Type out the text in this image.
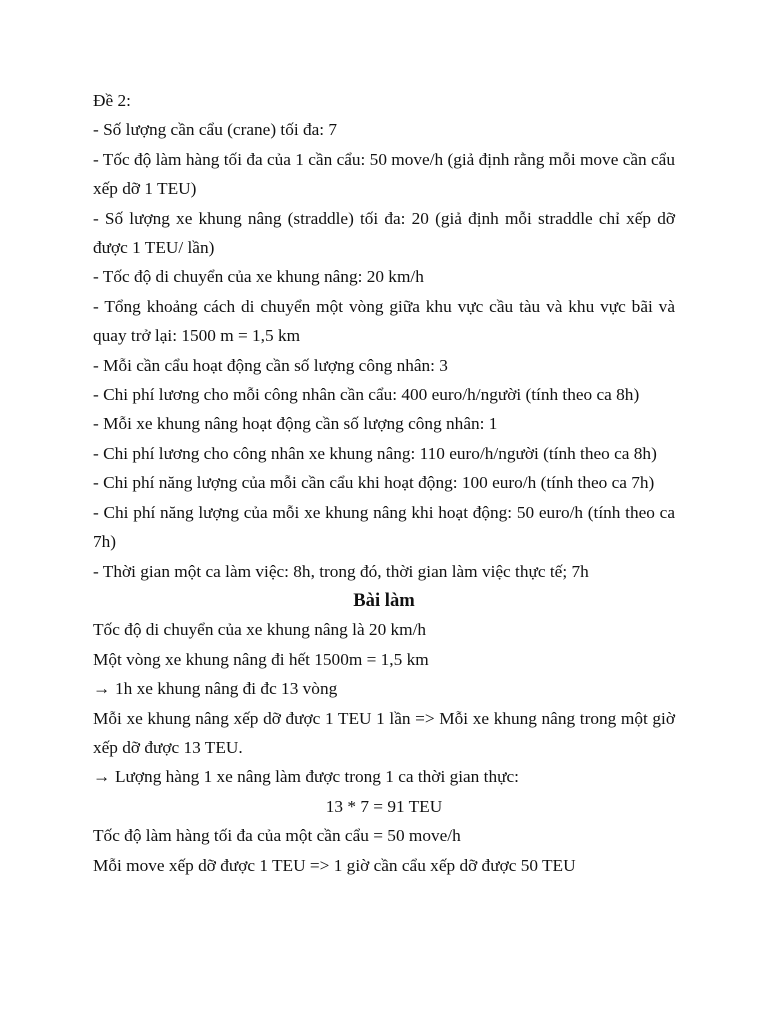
Đề 2:

- Số lượng cần cẩu (crane) tối đa: 7

- Tốc độ làm hàng tối đa của 1 cần cẩu: 50 move/h (giả định rằng mỗi move cần cẩu xếp dỡ 1 TEU)

- Số lượng xe khung nâng (straddle) tối đa: 20 (giả định mỗi straddle chỉ xếp dỡ được 1 TEU/ lần)

- Tốc độ di chuyển của xe khung nâng: 20 km/h

- Tổng khoảng cách di chuyển một vòng giữa khu vực cầu tàu và khu vực bãi và quay trở lại: 1500 m = 1,5 km

- Mỗi cần cẩu hoạt động cần số lượng công nhân: 3

- Chi phí lương cho mỗi công nhân cần cẩu: 400 euro/h/người (tính theo ca 8h)

- Mỗi xe khung nâng hoạt động cần số lượng công nhân: 1

- Chi phí lương cho công nhân xe khung nâng: 110 euro/h/người (tính theo ca 8h)

- Chi phí năng lượng của mỗi cần cẩu khi hoạt động: 100 euro/h (tính theo ca 7h)

- Chi phí năng lượng của mỗi xe khung nâng khi hoạt động: 50 euro/h (tính theo ca 7h)

- Thời gian một ca làm việc: 8h, trong đó, thời gian làm việc thực tế; 7h

Bài làm

Tốc độ di chuyển của xe khung nâng là 20 km/h

Một vòng xe khung nâng đi hết 1500m = 1,5 km

→ 1h xe khung nâng đi đc 13 vòng

Mỗi xe khung nâng xếp dỡ được 1 TEU 1 lần => Mỗi xe khung nâng trong một giờ xếp dỡ được 13 TEU.

→ Lượng hàng 1 xe nâng làm được trong 1 ca thời gian thực:

13 * 7 = 91 TEU

Tốc độ làm hàng tối đa của một cần cẩu = 50 move/h

Mỗi move xếp dỡ được 1 TEU => 1 giờ cần cẩu xếp dỡ được 50 TEU
